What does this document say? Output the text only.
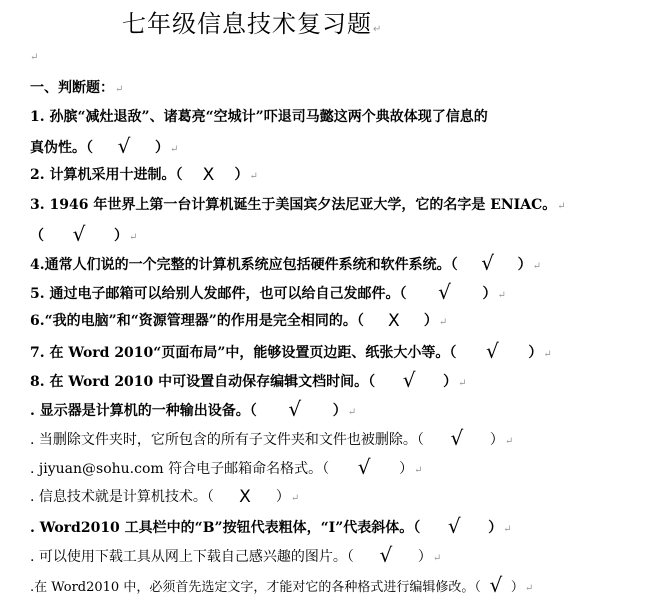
七年级信息技术复习题↵
↵
一、判断题：↵
1. 孙膑“减灶退敌”、诸葛亮“空城计”吓退司马懿这两个典故体现了信息的
真伪性。（ √ ）↵
2. 计算机采用十进制。（ X ）↵
3. 1946 年世界上第一台计算机诞生于美国宾夕法尼亚大学，它的名字是 ENIAC。↵
（ √ ）↵
4.通常人们说的一个完整的计算机系统应包括硬件系统和软件系统。（ √ ）↵
5. 通过电子邮箱可以给别人发邮件，也可以给自己发邮件。（ √ ）↵
6.“我的电脑”和“资源管理器”的作用是完全相同的。（ X ）↵
7. 在 Word 2010“页面布局”中，能够设置页边距、纸张大小等。（ √ ）↵
8. 在 Word 2010 中可设置自动保存编辑文档时间。（ √ ）↵
. 显示器是计算机的一种输出设备。（ √ ）↵
. 当删除文件夹时，它所包含的所有子文件夹和文件也被删除。（ √ ）↵
. jiyuan@sohu.com 符合电子邮箱命名格式。（ √ ）↵
. 信息技术就是计算机技术。（ X ）↵
. Word2010 工具栏中的“B”按钮代表粗体，“I”代表斜体。（ √ ）↵
. 可以使用下载工具从网上下载自己感兴趣的图片。（ √ ）↵
.在 Word2010 中，必须首先选定文字，才能对它的各种格式进行编辑修改。（ √ ）↵
